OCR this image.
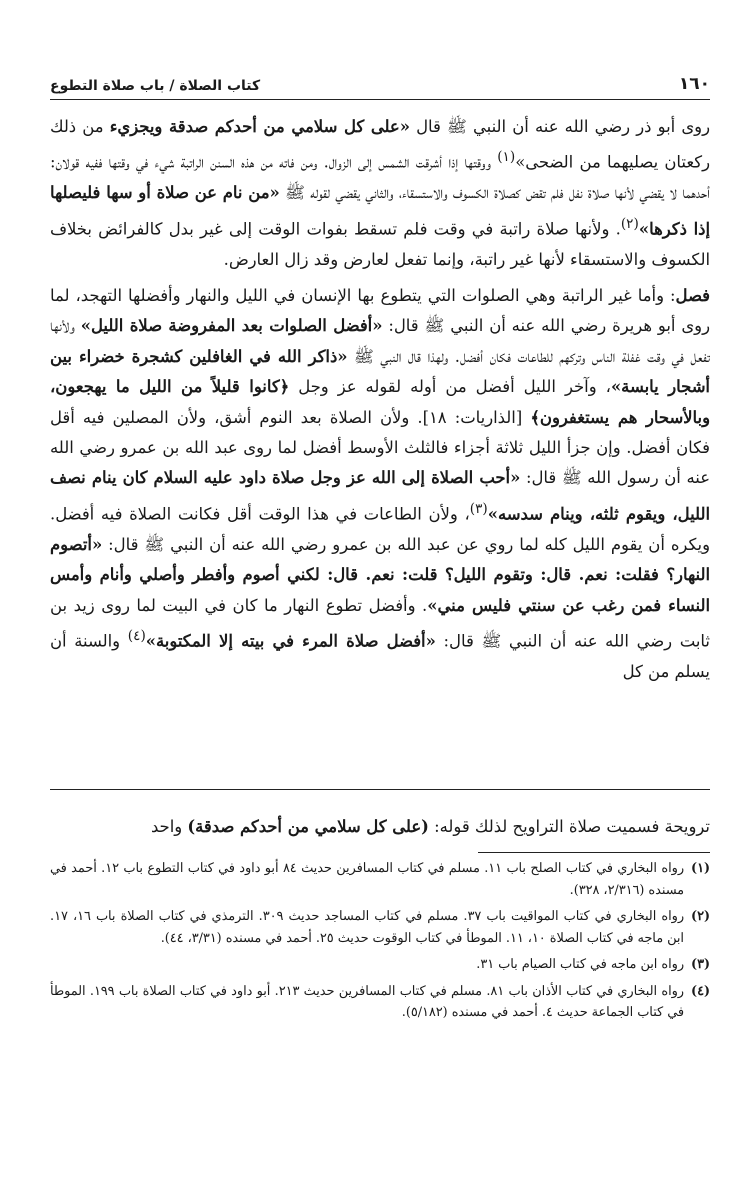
١٦٠
كتاب الصلاة / باب صلاة التطوع

روى أبو ذر رضي الله عنه أن النبي ﷺ قال «على كل سلامي من أحدكم صدقة ويجزيء من ذلك ركعتان يصليهما من الضحى»$^{(١)}$ ووقتها إذا أشرقت الشمس إلى الزوال. ومن فاته من هذه السنن الراتبة شيء في وقتها ففيه قولان: أحدهما لا يقضي لأنها صلاة نفل فلم تقض كصلاة الكسوف والاستسقاء، والثاني يقضي لقوله ﷺ «من نام عن صلاة أو سها فليصلها إذا ذكرها»$^{(٢)}$. ولأنها صلاة راتبة في وقت فلم تسقط بفوات الوقت إلى غير بدل كالفرائض بخلاف الكسوف والاستسقاء لأنها غير راتبة، وإنما تفعل لعارض وقد زال العارض.

فصل: وأما غير الراتبة وهي الصلوات التي يتطوع بها الإنسان في الليل والنهار وأفضلها التهجد، لما روى أبو هريرة رضي الله عنه أن النبي ﷺ قال: «أفضل الصلوات بعد المفروضة صلاة الليل» ولأنها تفعل في وقت غفلة الناس وتركهم للطاعات فكان أفضل. ولهذا قال النبي ﷺ «ذاكر الله في الغافلين كشجرة خضراء بين أشجار يابسة»، وآخر الليل أفضل من أوله لقوله عز وجل ﴿كانوا قليلاً من الليل ما يهجعون، وبالأسحار هم يستغفرون﴾ [الذاريات: ١٨]. ولأن الصلاة بعد النوم أشق، ولأن المصلين فيه أقل فكان أفضل. وإن جزأ الليل ثلاثة أجزاء فالثلث الأوسط أفضل لما روى عبد الله بن عمرو رضي الله عنه أن رسول الله ﷺ قال: «أحب الصلاة إلى الله عز وجل صلاة داود عليه السلام كان ينام نصف الليل، ويقوم ثلثه، وينام سدسه»$^{(٣)}$، ولأن الطاعات في هذا الوقت أقل فكانت الصلاة فيه أفضل. ويكره أن يقوم الليل كله لما روي عن عبد الله بن عمرو رضي الله عنه أن النبي ﷺ قال: «أتصوم النهار؟ فقلت: نعم. قال: وتقوم الليل؟ قلت: نعم. قال: لكني أصوم وأفطر وأصلي وأنام وأمس النساء فمن رغب عن سنتي فليس مني». وأفضل تطوع النهار ما كان في البيت لما روى زيد بن ثابت رضي الله عنه أن النبي ﷺ قال: «أفضل صلاة المرء في بيته إلا المكتوبة»$^{(٤)}$ والسنة أن يسلم من كل

ترويحة فسميت صلاة التراويح لذلك قوله: (على كل سلامي من أحدكم صدقة) واحد
(١)
رواه البخاري في كتاب الصلح باب ١١. مسلم في كتاب المسافرين حديث ٨٤ أبو داود في كتاب التطوع باب ١٢. أحمد في مسنده (٢/٣١٦، ٣٢٨).
(٢)
رواه البخاري في كتاب المواقيت باب ٣٧. مسلم في كتاب المساجد حديث ٣٠٩. الترمذي في كتاب الصلاة باب ١٦، ١٧. ابن ماجه في كتاب الصلاة ١٠، ١١. الموطأ في كتاب الوقوت حديث ٢٥. أحمد في مسنده (٣/٣١، ٤٤).
(٣)
رواه ابن ماجه في كتاب الصيام باب ٣١.
(٤)
رواه البخاري في كتاب الأذان باب ٨١. مسلم في كتاب المسافرين حديث ٢١٣. أبو داود في كتاب الصلاة باب ١٩٩. الموطأ في كتاب الجماعة حديث ٤. أحمد في مسنده (٥/١٨٢).
